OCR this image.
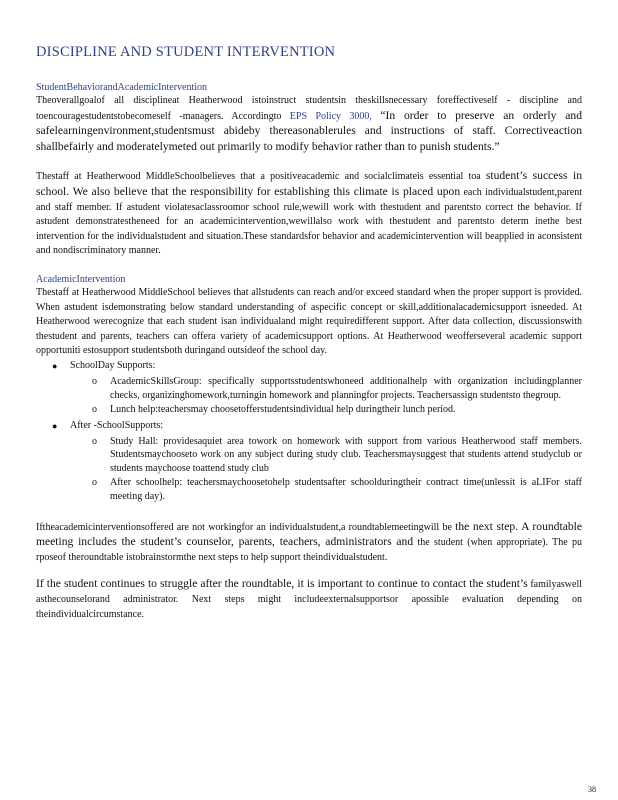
DISCIPLINE AND STUDENT INTERVENTION
StudentBehaviorandAcademicIntervention

Theoverallgoalof all disciplineat Heatherwood istoinstruct studentsin theskillsnecessary foreffectiveself - discipline and toencouragestudentstobecomeself -managers. Accordingto EPS Policy 3000, “In order to preserve an orderly and safelearningenvironment,studentsmust abideby thereasonablerules and instructions of staff. Correctiveaction shallbefairly and moderatelymeted out primarily to modify behavior rather than to punish students.”

Thestaff at Heatherwood MiddleSchoolbelieves that a positiveacademic and socialclimateis essential toa student’s success in school. We also believe that the responsibility for establishing this climate is placed upon each individualstudent,parent and staff member. If astudent violatesaclassroomor school rule,wewill work with thestudent and parentsto correct the behavior. If astudent demonstratestheneed for an academicintervention,wewillalso work with thestudent and parentsto determ inethe best intervention for the individualstudent and situation.These standardsfor behavior and academicintervention will beapplied in aconsistent and nondiscriminatory manner.

AcademicIntervention

Thestaff at Heatherwood MiddleSchool believes that allstudents can reach and/or exceed standard when the proper support is provided. When astudent isdemonstrating below standard understanding of aspecific concept or skill,additionalacademicsupport isneeded. At Heatherwood werecognize that each student isan individualand might requiredifferent support. After data collection, discussionswith thestudent and parents, teachers can offera variety of academicsupport options. At Heatherwood weofferseveral academic support opportuniti estosupport studentsboth duringand outsideof the school day.

● SchoolDay Supports:
o AcademicSkillsGroup: specifically supportsstudentswhoneed additionalhelp with organization includingplanner checks, organizinghomework,turningin homework and planningfor projects. Teachersassign studentsto thegroup.
o Lunch help:teachersmay choosetofferstudentsindividual help duringtheir lunch period.
● After -SchoolSupports:
o Study Hall: providesaquiet area towork on homework with support from various Heatherwood staff members. Studentsmaychooseto work on any subject during study club. Teachersmaysuggest that students attend studyclub or students maychoose toattend study club
o After schoolhelp: teachersmaychoosetohelp studentsafter schoolduringtheir contract time(unlessit is aLIFor staff meeting day).

Iftheacademicinterventionsoffered are not workingfor an individualstudent,a roundtablemeetingwill be the next step. A roundtable meeting includes the student’s counselor, parents, teachers, administrators and the student (when appropriate). The pu rposeof theroundtable istobrainstormthe next steps to help support theindividualstudent.

If the student continues to struggle after the roundtable, it is important to continue to contact the student’s familyaswell asthecounselorand administrator. Next steps might includeexternalsupportsor apossible evaluation depending on theindividualcircumstance.

38
